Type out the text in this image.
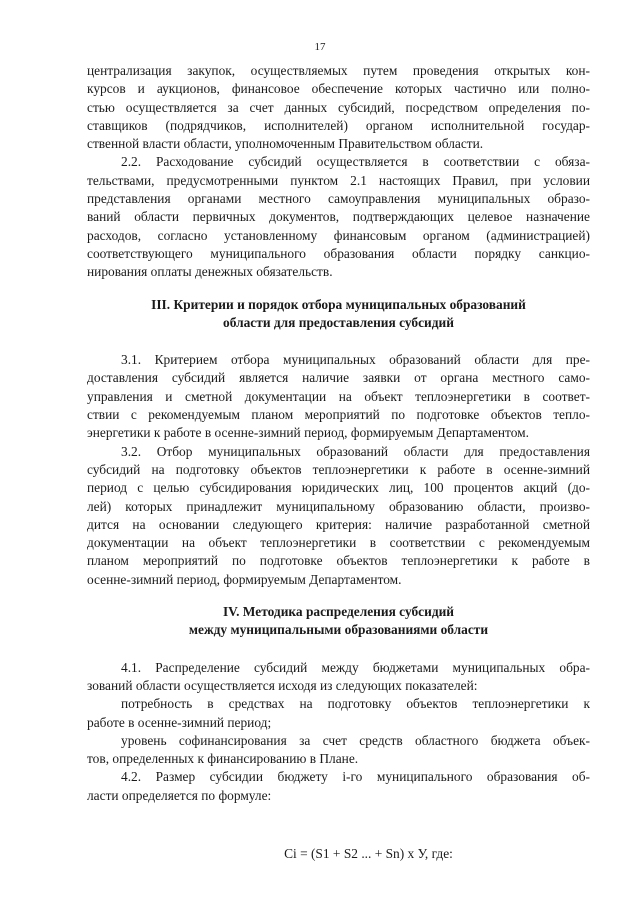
17

централизация закупок, осуществляемых путем проведения открытых кон-

курсов и аукционов, финансовое обеспечение которых частично или полно-

стью осуществляется за счет данных субсидий, посредством определения по-

ставщиков (подрядчиков, исполнителей) органом исполнительной государ-

ственной власти области, уполномоченным Правительством области.

2.2. Расходование субсидий осуществляется в соответствии с обяза-

тельствами, предусмотренными пунктом 2.1 настоящих Правил, при условии

представления органами местного самоуправления муниципальных образо-

ваний области первичных документов, подтверждающих целевое назначение

расходов, согласно установленному финансовым органом (администрацией)

соответствующего муниципального образования области порядку санкцио-

нирования оплаты денежных обязательств.

III. Критерии и порядок отбора муниципальных образований
области для предоставления субсидий

3.1. Критерием отбора муниципальных образований области для пре-

доставления субсидий является наличие заявки от органа местного само-

управления и сметной документации на объект теплоэнергетики в соответ-

ствии с рекомендуемым планом мероприятий по подготовке объектов тепло-

энергетики к работе в осенне-зимний период, формируемым Департаментом.

3.2. Отбор муниципальных образований области для предоставления

субсидий на подготовку объектов теплоэнергетики к работе в осенне-зимний

период с целью субсидирования юридических лиц, 100 процентов акций (до-

лей) которых принадлежит муниципальному образованию области, произво-

дится на основании следующего критерия: наличие разработанной сметной

документации на объект теплоэнергетики в соответствии с рекомендуемым

планом мероприятий по подготовке объектов теплоэнергетики к работе в

осенне-зимний период, формируемым Департаментом.

IV. Методика распределения субсидий
между муниципальными образованиями области

4.1. Распределение субсидий между бюджетами муниципальных обра-

зований области осуществляется исходя из следующих показателей:

потребность в средствах на подготовку объектов теплоэнергетики к

работе в осенне-зимний период;

уровень софинансирования за счет средств областного бюджета объек-

тов, определенных к финансированию в Плане.

4.2. Размер субсидии бюджету i-го муниципального образования об-

ласти определяется по формуле:

Ci = (S1 + S2 ... + Sn) х У, где:
